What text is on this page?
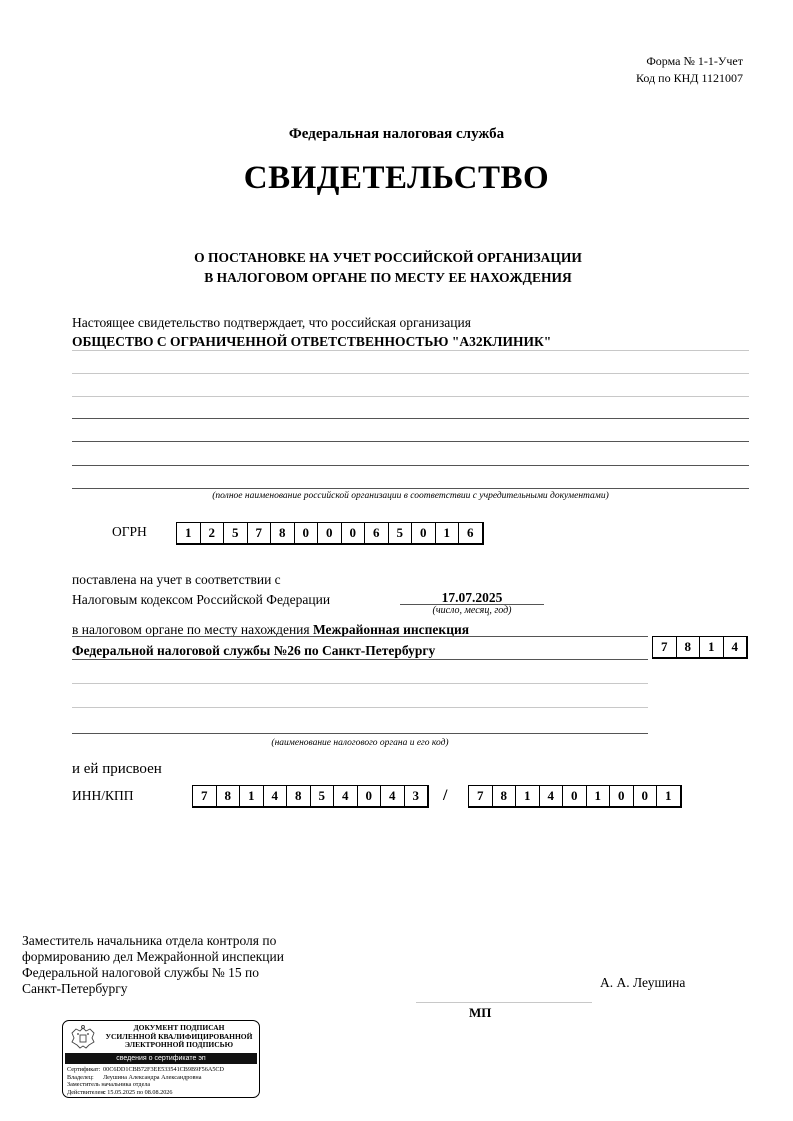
Форма № 1-1-Учет
Код по КНД 1121007
Федеральная налоговая служба
СВИДЕТЕЛЬСТВО
О ПОСТАНОВКЕ НА УЧЕТ РОССИЙСКОЙ ОРГАНИЗАЦИИ
В НАЛОГОВОМ ОРГАНЕ ПО МЕСТУ ЕЕ НАХОЖДЕНИЯ
Настоящее свидетельство подтверждает, что российская организация
ОБЩЕСТВО С ОГРАНИЧЕННОЙ ОТВЕТСТВЕННОСТЬЮ "А32КЛИНИК"
(полное наименование российской организации в соответствии с учредительными документами)
ОГРН	1	2	5	7	8	0	0	0	6	5	0	1	6
поставлена на учет в соответствии с
Налоговым кодексом Российской Федерации	17.07.2025
(число, месяц, год)
в налоговом органе по месту нахождения Межрайонная инспекция
Федеральной налоговой службы №26 по Санкт-Петербургу	7	8	1	4
(наименование налогового органа и его код)
и ей присвоен
ИНН/КПП	7	8	1	4	8	5	4	0	4	3	/	7	8	1	4	0	1	0	0	1
Заместитель начальника отдела контроля по
формированию дел Межрайонной инспекции
Федеральной налоговой службы № 15 по
Санкт-Петербургу	А. А. Леушина
МП
ДОКУМЕНТ ПОДПИСАН
УСИЛЕННОЙ КВАЛИФИЦИРОВАННОЙ
ЭЛЕКТРОННОЙ ПОДПИСЬЮ
сведения о сертификате эп
Сертификат: 00C6DD1CBB72F3EE533541CB9B9F56A5CD
Владелец: Леушина Александра Александровна
Заместитель начальника отдела
Действителен:с 15.05.2025 по 08.08.2026
